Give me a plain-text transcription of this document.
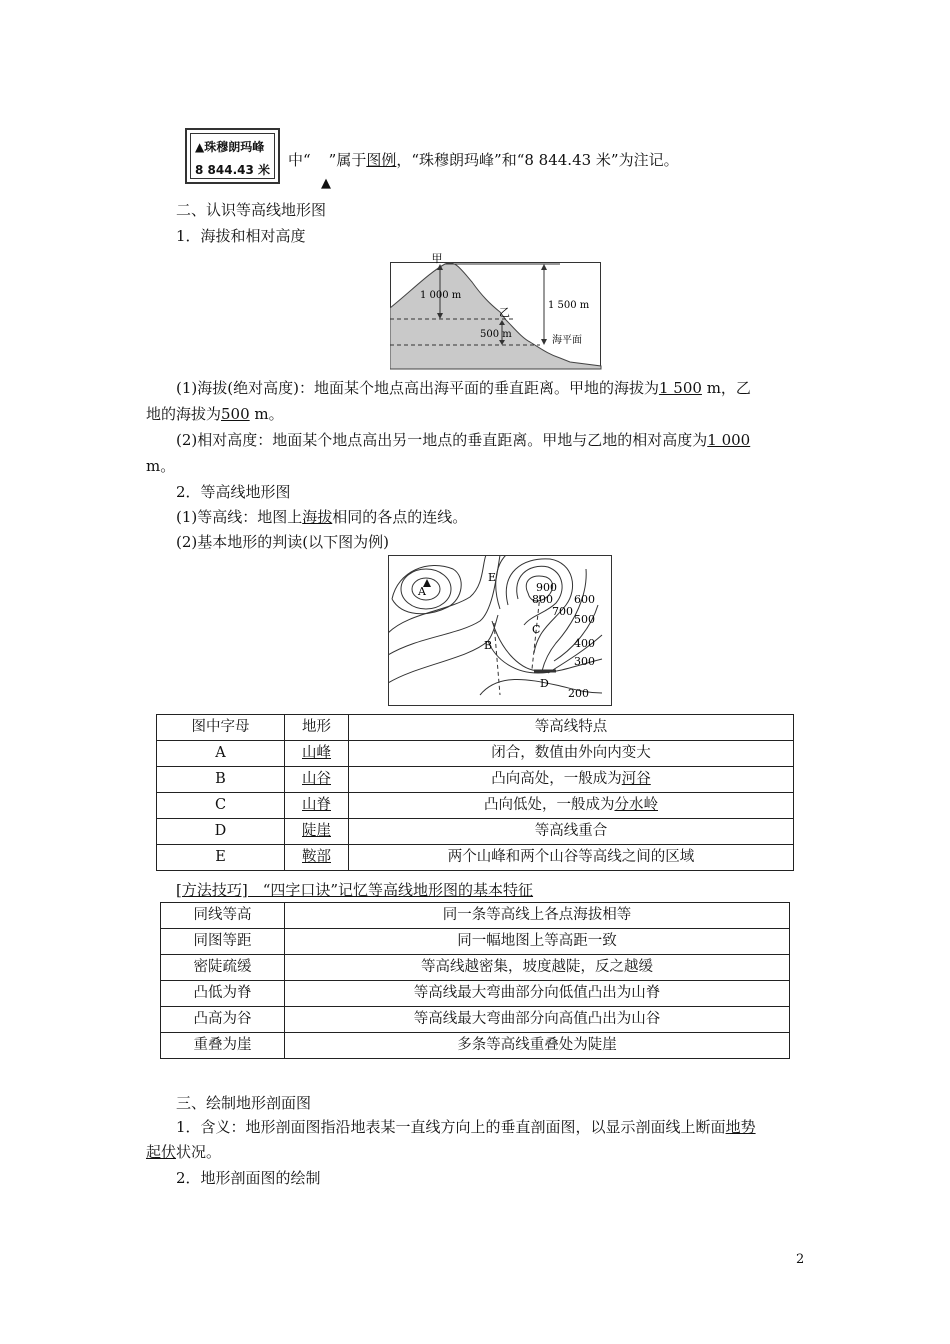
▲珠穆朗玛峰
8 844.43 米
中“ ”属于图例，“珠穆朗玛峰”和“8 844.43 米”为注记。
▲
二、认识等高线地形图
1．海拔和相对高度
甲
乙
1 000 m
1 500 m
500 m
海平面
(1)海拔(绝对高度)：地面某个地点高出海平面的垂直距离。甲地的海拔为1 500 m，乙
地的海拔为500 m。
(2)相对高度：地面某个地点高出另一地点的垂直距离。甲地与乙地的相对高度为1 000
m。
2．等高线地形图
(1)等高线：地图上海拔相同的各点的连线。
(2)基本地形的判读(以下图为例)
A
B
C
D
E
900
800
700
600
500
400
300
200
图中字母	地形	等高线特点
A	山峰	闭合，数值由外向内变大
B	山谷	凸向高处，一般成为河谷
C	山脊	凸向低处，一般成为分水岭
D	陡崖	等高线重合
E	鞍部	两个山峰和两个山谷等高线之间的区域
[方法技巧]　“四字口诀”记忆等高线地形图的基本特征
同线等高	同一条等高线上各点海拔相等
同图等距	同一幅地图上等高距一致
密陡疏缓	等高线越密集，坡度越陡，反之越缓
凸低为脊	等高线最大弯曲部分向低值凸出为山脊
凸高为谷	等高线最大弯曲部分向高值凸出为山谷
重叠为崖	多条等高线重叠处为陡崖
三、绘制地形剖面图
1．含义：地形剖面图指沿地表某一直线方向上的垂直剖面图，以显示剖面线上断面地势
起伏状况。
2．地形剖面图的绘制
2
